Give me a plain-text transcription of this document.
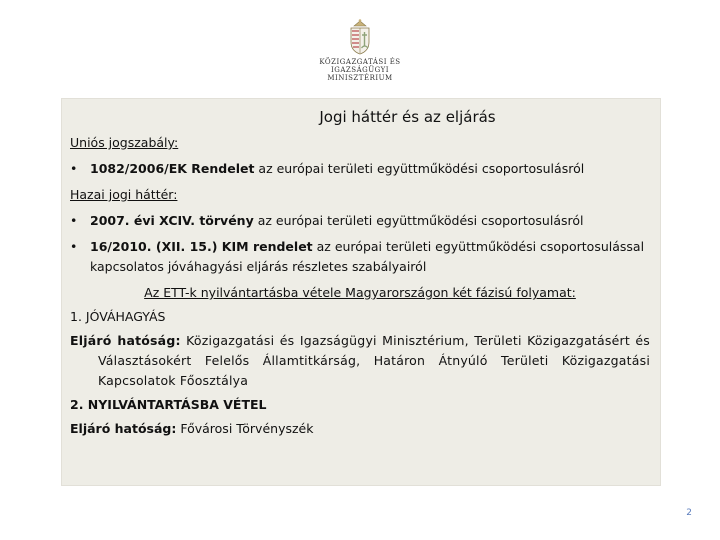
KÖZIGAZGATÁSI ÉS IGAZSÁGÜGYI
MINISZTÉRIUM
Jogi háttér és az eljárás
Uniós jogszabály:
• 1082/2006/EK Rendelet az európai területi együttműködési csoportosulásról
Hazai jogi háttér:
• 2007. évi XCIV. törvény az európai területi együttműködési csoportosulásról
• 16/2010. (XII. 15.) KIM rendelet az európai területi együttműködési csoportosulással kapcsolatos jóváhagyási eljárás részletes szabályairól
Az ETT-k nyilvántartásba vétele Magyarországon két fázisú folyamat:
1. JÓVÁHAGYÁS
Eljáró hatóság: Közigazgatási és Igazságügyi Minisztérium, Területi Közigazgatásért és Választásokért Felelős Államtitkárság, Határon Átnyúló Területi Közigazgatási Kapcsolatok Főosztálya
2. NYILVÁNTARTÁSBA VÉTEL
Eljáró hatóság: Fővárosi Törvényszék
2
